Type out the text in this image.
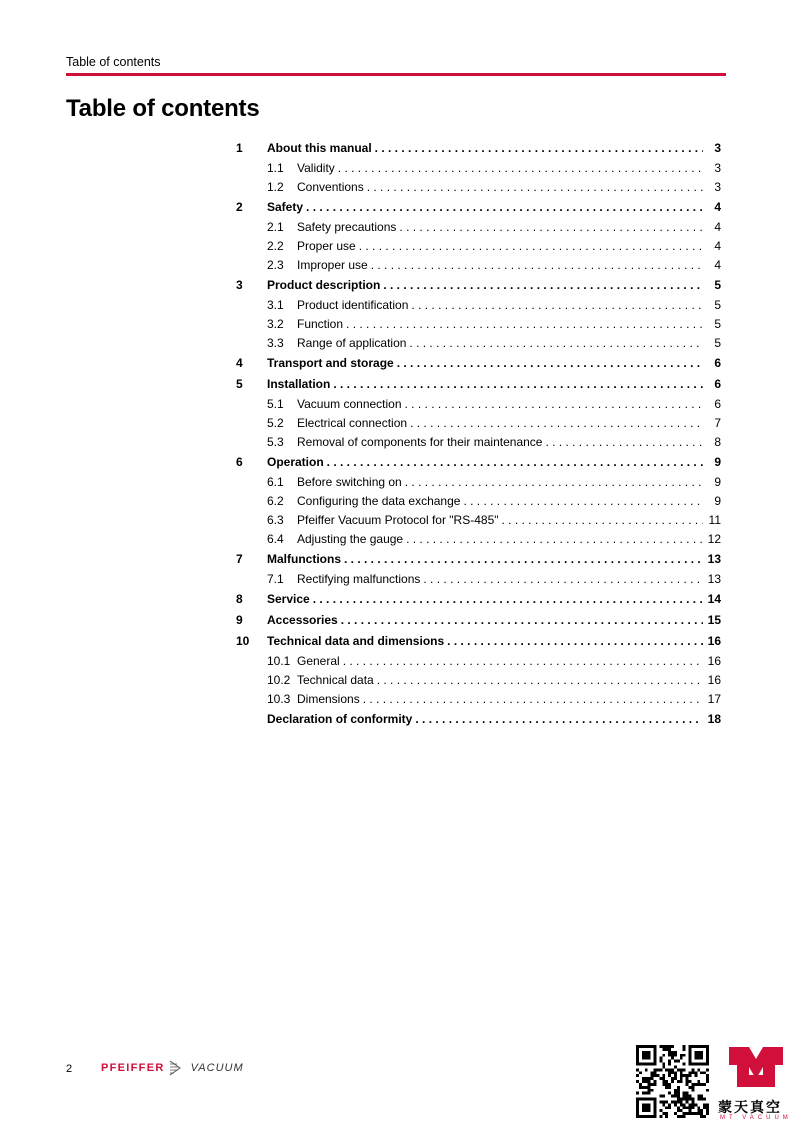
Table of contents
Table of contents
1	About this manual . . .	3
1.1	Validity . . .	3
1.2	Conventions . . .	3
2	Safety . . .	4
2.1	Safety precautions . . .	4
2.2	Proper use . . .	4
2.3	Improper use . . .	4
3	Product description . . .	5
3.1	Product identification . . .	5
3.2	Function . . .	5
3.3	Range of application . . .	5
4	Transport and storage . . .	6
5	Installation . . .	6
5.1	Vacuum connection . . .	6
5.2	Electrical connection . . .	7
5.3	Removal of components for their maintenance . . .	8
6	Operation . . .	9
6.1	Before switching on . . .	9
6.2	Configuring the data exchange . . .	9
6.3	Pfeiffer Vacuum Protocol for "RS-485" . . .	11
6.4	Adjusting the gauge . . .	12
7	Malfunctions . . .	13
7.1	Rectifying malfunctions . . .	13
8	Service . . .	14
9	Accessories . . .	15
10	Technical data and dimensions . . .	16
10.1 General . . .	16
10.2 Technical data . . .	16
10.3 Dimensions . . .	17
Declaration of conformity . . .	18
2	PFEIFFER VACUUM
蒙天真空
MT VACUUM
